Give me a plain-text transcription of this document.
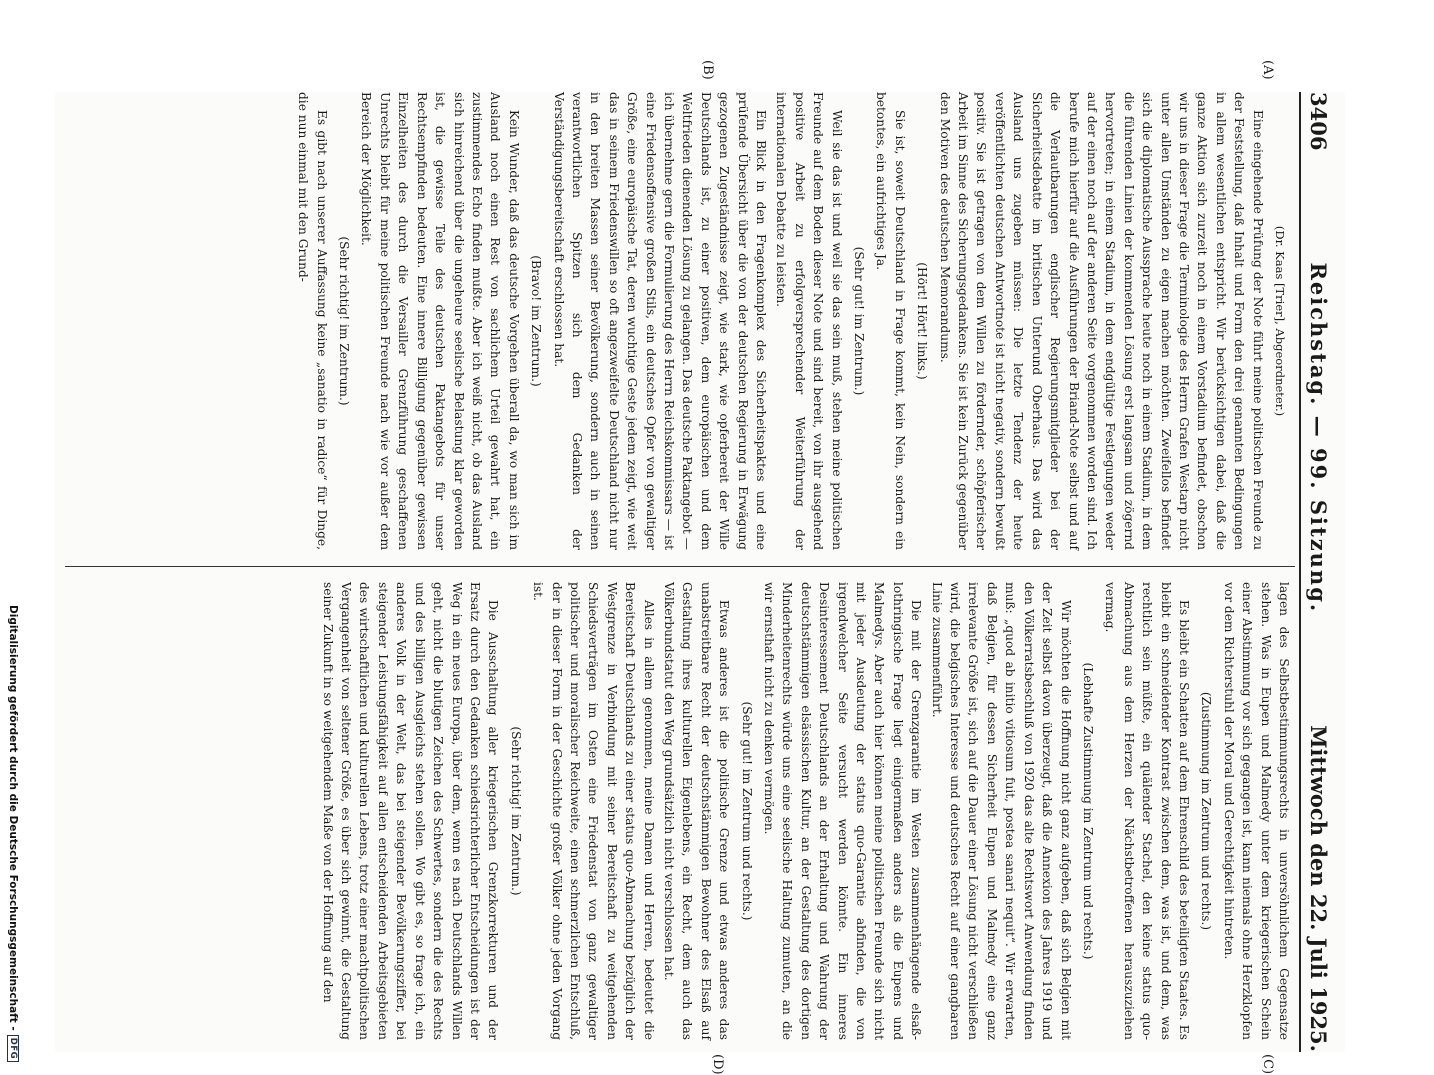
3406
Reichstag. — 99. Sitzung.
Mittwoch den 22. Juli 1925.
(A)
(B)
(C)
(D)

(Dr. Kaas [Trier], Abgeordneter.)

Eine eingehende Prüfung der Note führt meine politischen Freunde zu der Feststellung, daß Inhalt und Form den drei genannten Bedingungen in allem wesentlichen entspricht. Wir berücksichtigen dabei, daß die ganze Aktion sich zurzeit noch in einem Vorstadium befindet, obschon wir uns in dieser Frage die Terminologie des Herrn Grafen Westarp nicht unter allen Umständen zu eigen machen möchten. Zweifellos befindet sich die diplomatische Aussprache heute noch in einem Stadium, in dem die führenden Linien der kommenden Lösung erst langsam und zögernd hervortreten; in einem Stadium, in dem endgültige Festlegungen weder auf der einen noch auf der anderen Seite vorgenommen worden sind. Ich berufe mich hierfür auf die Ausführungen der Briand-Note selbst und auf die Verlautbarungen englischer Regierungsmitglieder bei der Sicherheitsdebatte im britischen Unterund Oberhaus. Das wird das Ausland uns zugeben müssen: Die letzte Tendenz der heute veröffentlichten deutschen Antwortnote ist nicht negativ, sondern bewußt positiv. Sie ist getragen von dem Willen zu fördernder, schöpferischer Arbeit im Sinne des Sicherungsgedankens. Sie ist kein Zurück gegenüber den Motiven des deutschen Memorandums.

(Hört! Hört! links.)

Sie ist, soweit Deutschland in Frage kommt, kein Nein, sondern ein betontes, ein aufrichtiges Ja.

(Sehr gut! im Zentrum.)

Weil sie das ist und weil sie das sein muß, stehen meine politischen Freunde auf dem Boden dieser Note und sind bereit, von ihr ausgehend positive Arbeit zu erfolgversprechender Weiterführung der internationalen Debatte zu leisten.

Ein Blick in den Fragenkomplex des Sicherheitspaktes und eine prüfende Übersicht über die von der deutschen Regierung in Erwägung gezogenen Zugeständnisse zeigt, wie stark, wie opferbereit der Wille Deutschlands ist, zu einer positiven, dem europäischen und dem Weltfrieden dienenden Lösung zu gelangen. Das deutsche Paktangebot — ich übernehme gern die Formulierung des Herrn Reichskommissars — ist eine Friedensoffensive großen Stils, ein deutsches Opfer von gewaltiger Größe, eine europäische Tat, deren wuchtige Geste jedem zeigt, wie weit das in seinem Friedenswillen so oft angezweifelte Deutschland nicht nur in den breiten Massen seiner Bevölkerung, sondern auch in seinen verantwortlichen Spitzen sich dem Gedanken der Verständigungsbereitschaft erschlossen hat.

(Bravo! im Zentrum.)

Kein Wunder, daß das deutsche Vorgehen überall da, wo man sich im Ausland noch einen Rest von sachlichem Urteil gewahrt hat, ein zustimmendes Echo finden mußte. Aber ich weiß nicht, ob das Ausland sich hinreichend über die ungeheure seelische Belastung klar geworden ist, die gewisse Teile des deutschen Paktangebots für unser Rechtsempfinden bedeuten. Eine innere Billigung gegenüber gewissen Einzelheiten des durch die Versailler Grenzführung geschaffenen Unrechts bleibt für meine politischen Freunde nach wie vor außer dem Bereich der Möglichkeit.

(Sehr richtig! im Zentrum.)

Es gibt nach unserer Auffassung keine „sanatio in radice“ für Dinge, die nun einmal mit den Grund-

lagen des Selbstbestimmungsrechts in unversöhnlichem Gegensatze stehen. Was in Eupen und Malmedy unter dem kriegerischen Schein einer Abstimmung vor sich gegangen ist, kann niemals ohne Herzklopfen vor dem Richterstuhl der Moral und Gerechtigkeit hintreten.

(Zustimmung im Zentrum und rechts.)

Es bleibt ein Schatten auf dem Ehrenschild des beteiligten Staates. Es bleibt ein schneidender Kontrast zwischen dem, was ist, und dem, was rechtlich sein müßte, ein quälender Stachel, den keine status quo-Abmachung aus dem Herzen der Nächstbetroffenen herauszuziehen vermag.

(Lebhafte Zustimmung im Zentrum und rechts.)

Wir möchten die Hoffnung nicht ganz aufgeben, daß sich Belgien mit der Zeit selbst davon überzeugt, daß die Annexion des Jahres 1919 und den Völkerratsbeschluß von 1920 das alte Rechtswort Anwendung finden muß: „quod ab initio vitiosum fuit, postea sanari nequit“. Wir erwarten, daß Belgien, für dessen Sicherheit Eupen und Malmedy eine ganz irrelevante Größe ist, sich auf die Dauer einer Lösung nicht verschließen wird, die belgisches Interesse und deutsches Recht auf einer gangbaren Linie zusammenführt.

Die mit der Grenzgarantie im Westen zusammenhängende elsaß-lothringische Frage liegt einigermaßen anders als die Eupens und Malmedys. Aber auch hier können meine politischen Freunde sich nicht mit jeder Ausdeutung der status quo-Garantie abfinden, die von irgendwelcher Seite versucht werden könnte. Ein inneres Desinteressement Deutschlands an der Erhaltung und Wahrung der deutschstämmigen elsässischen Kultur, an der Gestaltung des dortigen Minderheitenrechts würde uns eine seelische Haltung zumuten, an die wir ernsthaft nicht zu denken vermögen.

(Sehr gut! im Zentrum und rechts.)

Etwas anderes ist die politische Grenze und etwas anderes das unabstreitbare Recht der deutschstämmigen Bewohner des Elsaß auf Gestaltung ihres kulturellen Eigenlebens, ein Recht, dem auch das Völkerbundstatut den Weg grundsätzlich nicht verschlossen hat.

Alles in allem genommen, meine Damen und Herren, bedeutet die Bereitschaft Deutschlands zu einer status quo-Abmachung bezüglich der Westgrenze in Verbindung mit seiner Bereitschaft zu weitgehenden Schiedsverträgen im Osten eine Friedenstat von ganz gewaltiger politischer und moralischer Reichweite, einen schmerzlichen Entschluß, der in dieser Form in der Geschichte großer Völker ohne jeden Vorgang ist.

(Sehr richtig! im Zentrum.)

Die Ausschaltung aller kriegerischen Grenzkorrekturen und der Ersatz durch den Gedanken schiedsrichterlicher Entscheidungen ist der Weg in ein neues Europa, über dem, wenn es nach Deutschlands Willen geht, nicht die blutigen Zeichen des Schwertes, sondern die des Rechts und des billigen Ausgleichs stehen sollen. Wo gibt es, so frage ich, ein anderes Volk in der Welt, das bei steigender Bevölkerungsziffer, bei steigender Leistungsfähigkeit auf allen entscheidenden Arbeitsgebieten des wirtschaftlichen und kulturellen Lebens, trotz einer machtpolitischen Vergangenheit von seltener Größe, es über sich gewinnt, die Gestaltung seiner Zukunft in so weitgehendem Maße von der Hoffnung auf den

Digitalisierung gefördert durch die Deutsche Forschungsgemeinschaft -
DFG
